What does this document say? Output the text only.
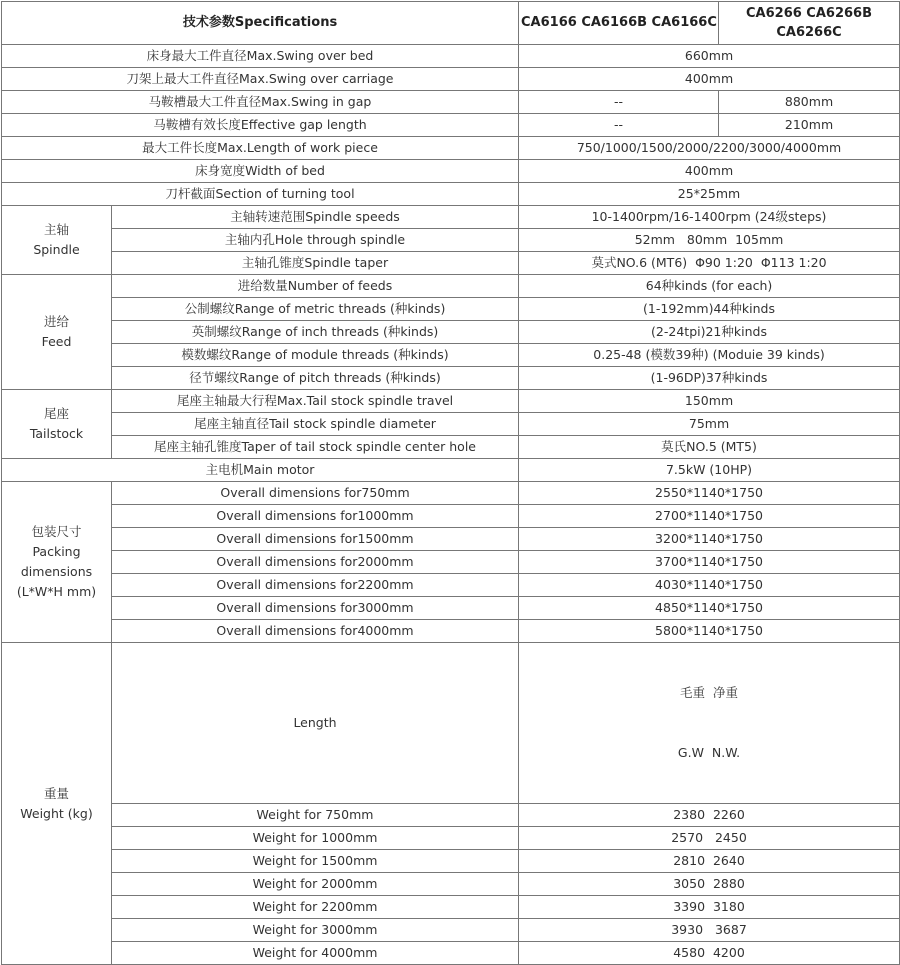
技术参数Specifications		CA6166 CA6166B CA6166C	CA6266 CA6266B CA6266C
床身最大工件直径Max.Swing over bed		660mm	
刀架上最大工件直径Max.Swing over carriage		400mm	
马鞍槽最大工件直径Max.Swing in gap		--	880mm
马鞍槽有效长度Effective gap length		--	210mm
最大工件长度Max.Length of work piece		750/1000/1500/2000/2200/3000/4000mm	
床身宽度Width of bed		400mm	
刀杆截面Section of turning tool		25*25mm	

主轴
Spindle	主轴转速范围Spindle speeds	10-1400rpm/16-1400rpm (24级steps)	
	主轴内孔Hole through spindle	52mm   80mm  105mm	
	主轴孔锥度Spindle taper	莫式NO.6 (MT6)  Φ90 1:20  Φ113 1:20	

进给
Feed	进给数量Number of feeds	64种kinds (for each)	
	公制螺纹Range of metric threads (种kinds)	(1-192mm)44种kinds	
	英制螺纹Range of inch threads (种kinds)	(2-24tpi)21种kinds	
	模数螺纹Range of module threads (种kinds)	0.25-48 (模数39种) (Moduie 39 kinds)	
	径节螺纹Range of pitch threads (种kinds)	(1-96DP)37种kinds	

尾座
Tailstock	尾座主轴最大行程Max.Tail stock spindle travel	150mm	
	尾座主轴直径Tail stock spindle diameter	75mm	
	尾座主轴孔锥度Taper of tail stock spindle center hole	莫氏NO.5 (MT5)	
主电机Main motor		7.5kW (10HP)	

包装尺寸
Packing
dimensions
(L*W*H mm)	Overall dimensions for750mm	2550*1140*1750	
	Overall dimensions for1000mm	2700*1140*1750	
	Overall dimensions for1500mm	3200*1140*1750	
	Overall dimensions for2000mm	3700*1140*1750	
	Overall dimensions for2200mm	4030*1140*1750	
	Overall dimensions for3000mm	4850*1140*1750	
	Overall dimensions for4000mm	5800*1140*1750	

重量
Weight (kg)	Length	毛重  净重

G.W  N.W.	

	Weight for 750mm	2380  2260	
	Weight for 1000mm	2570   2450	
	Weight for 1500mm	2810  2640	
	Weight for 2000mm	3050  2880	
	Weight for 2200mm	3390  3180	
	Weight for 3000mm	3930   3687	
	Weight for 4000mm	4580  4200	
